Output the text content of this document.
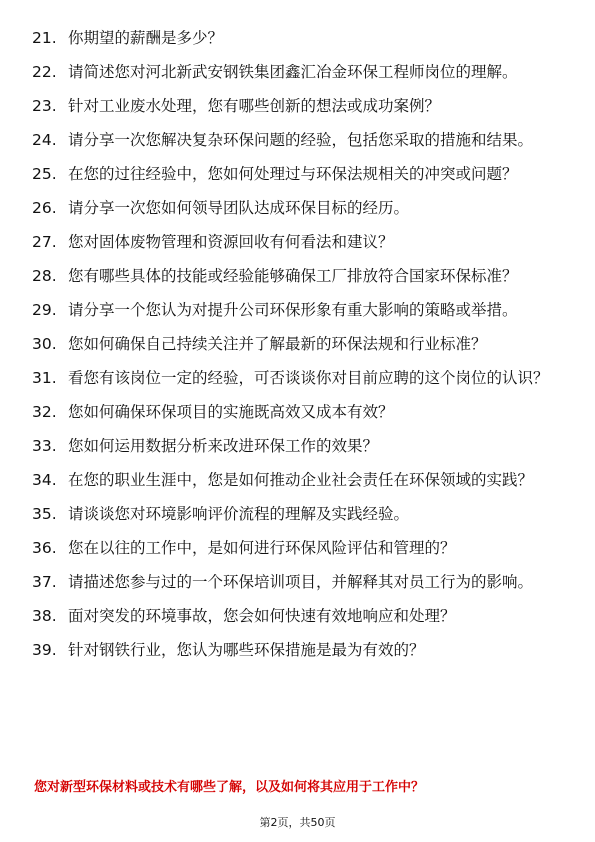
21. 你期望的薪酬是多少？
22. 请简述您对河北新武安钢铁集团鑫汇冶金环保工程师岗位的理解。
23. 针对工业废水处理，您有哪些创新的想法或成功案例？
24. 请分享一次您解决复杂环保问题的经验，包括您采取的措施和结果。
25. 在您的过往经验中，您如何处理过与环保法规相关的冲突或问题？
26. 请分享一次您如何领导团队达成环保目标的经历。
27. 您对固体废物管理和资源回收有何看法和建议？
28. 您有哪些具体的技能或经验能够确保工厂排放符合国家环保标准？
29. 请分享一个您认为对提升公司环保形象有重大影响的策略或举措。
30. 您如何确保自己持续关注并了解最新的环保法规和行业标准？
31. 看您有该岗位一定的经验，可否谈谈你对目前应聘的这个岗位的认识？
32. 您如何确保环保项目的实施既高效又成本有效？
33. 您如何运用数据分析来改进环保工作的效果？
34. 在您的职业生涯中，您是如何推动企业社会责任在环保领域的实践？
35. 请谈谈您对环境影响评价流程的理解及实践经验。
36. 您在以往的工作中，是如何进行环保风险评估和管理的？
37. 请描述您参与过的一个环保培训项目，并解释其对员工行为的影响。
38. 面对突发的环境事故，您会如何快速有效地响应和处理？
39. 针对钢铁行业，您认为哪些环保措施是最为有效的？
您对新型环保材料或技术有哪些了解，以及如何将其应用于工作中？
第2页，共50页
